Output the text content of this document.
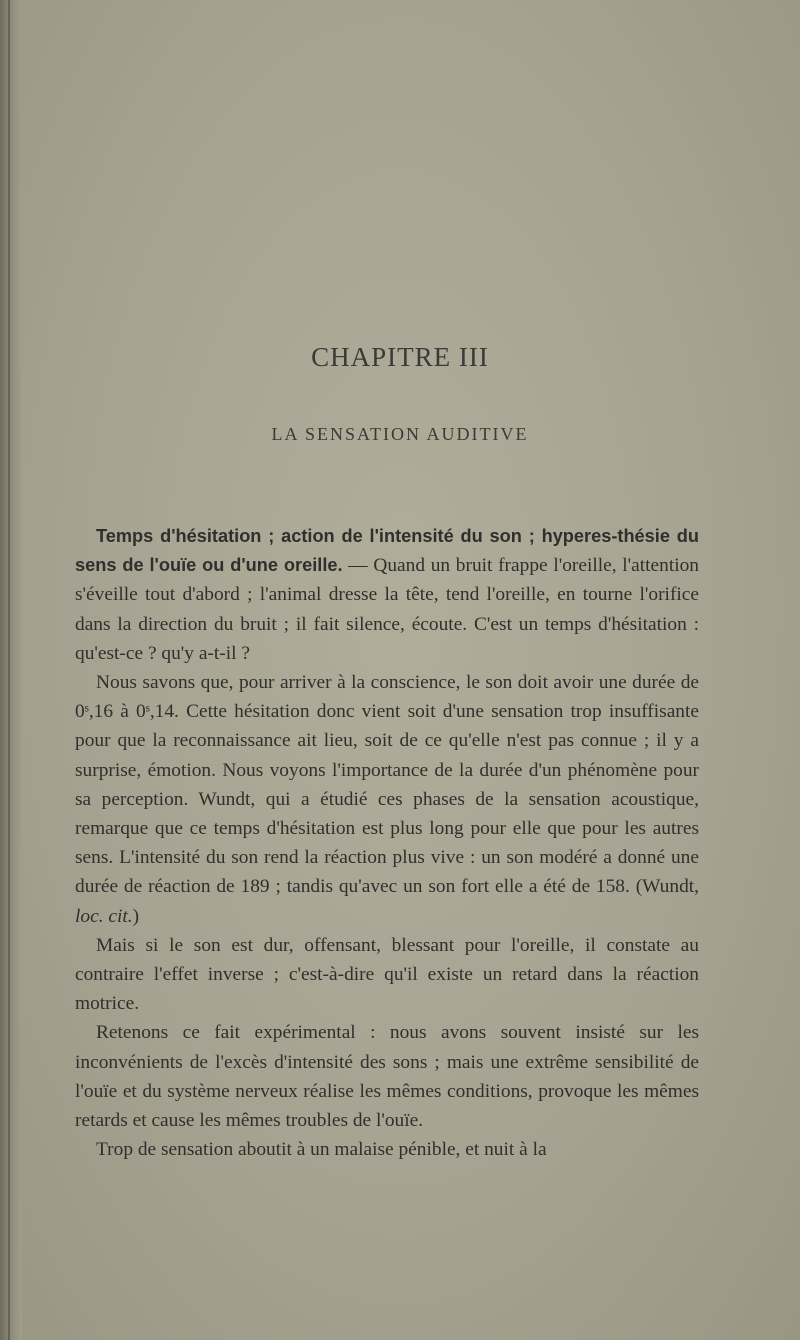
CHAPITRE III
LA SENSATION AUDITIVE

Temps d'hésitation ; action de l'intensité du son ; hyperes-thésie du sens de l'ouïe ou d'une oreille. — Quand un bruit frappe l'oreille, l'attention s'éveille tout d'abord ; l'animal dresse la tête, tend l'oreille, en tourne l'orifice dans la direction du bruit ; il fait silence, écoute. C'est un temps d'hésitation : qu'est-ce ? qu'y a-t-il ?

Nous savons que, pour arriver à la conscience, le son doit avoir une durée de 0ˢ,16 à 0ˢ,14. Cette hésitation donc vient soit d'une sensation trop insuffisante pour que la reconnaissance ait lieu, soit de ce qu'elle n'est pas connue ; il y a surprise, émotion. Nous voyons l'importance de la durée d'un phénomène pour sa perception. Wundt, qui a étudié ces phases de la sensation acoustique, remarque que ce temps d'hésitation est plus long pour elle que pour les autres sens. L'intensité du son rend la réaction plus vive : un son modéré a donné une durée de réaction de 189 ; tandis qu'avec un son fort elle a été de 158. (Wundt, loc. cit.)

Mais si le son est dur, offensant, blessant pour l'oreille, il constate au contraire l'effet inverse ; c'est-à-dire qu'il existe un retard dans la réaction motrice.

Retenons ce fait expérimental : nous avons souvent insisté sur les inconvénients de l'excès d'intensité des sons ; mais une extrême sensibilité de l'ouïe et du système nerveux réalise les mêmes conditions, provoque les mêmes retards et cause les mêmes troubles de l'ouïe.

Trop de sensation aboutit à un malaise pénible, et nuit à la
